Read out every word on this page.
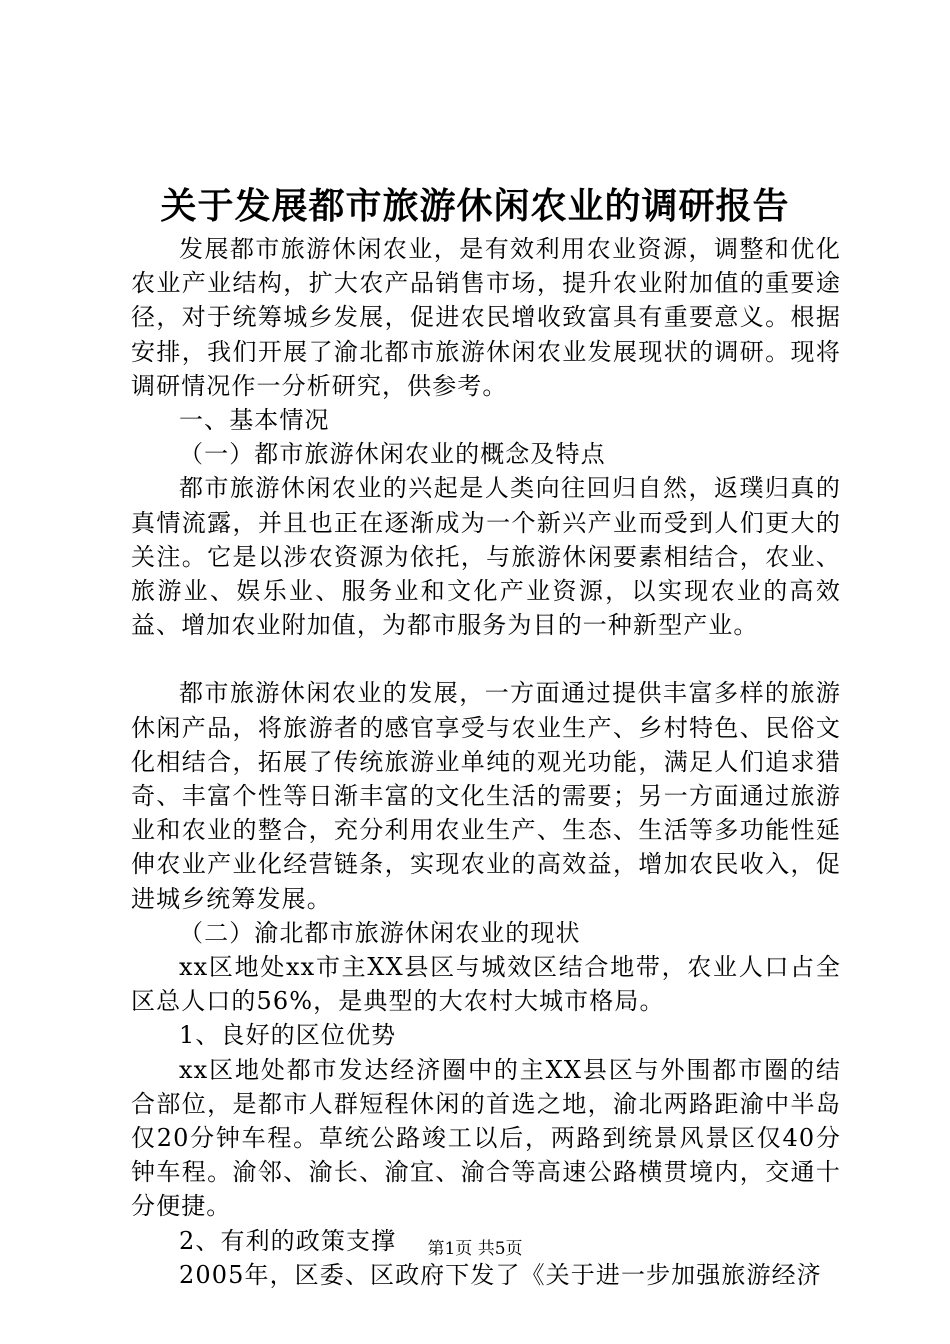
关于发展都市旅游休闲农业的调研报告

发展都市旅游休闲农业，是有效利用农业资源，调整和优化农业产业结构，扩大农产品销售市场，提升农业附加值的重要途径，对于统筹城乡发展，促进农民增收致富具有重要意义。根据安排，我们开展了渝北都市旅游休闲农业发展现状的调研。现将调研情况作一分析研究，供参考。

一、基本情况

（一）都市旅游休闲农业的概念及特点

都市旅游休闲农业的兴起是人类向往回归自然，返璞归真的真情流露，并且也正在逐渐成为一个新兴产业而受到人们更大的关注。它是以涉农资源为依托，与旅游休闲要素相结合，农业、旅游业、娱乐业、服务业和文化产业资源，以实现农业的高效益、增加农业附加值，为都市服务为目的一种新型产业。

都市旅游休闲农业的发展，一方面通过提供丰富多样的旅游休闲产品，将旅游者的感官享受与农业生产、乡村特色、民俗文化相结合，拓展了传统旅游业单纯的观光功能，满足人们追求猎奇、丰富个性等日渐丰富的文化生活的需要；另一方面通过旅游业和农业的整合，充分利用农业生产、生态、生活等多功能性延伸农业产业化经营链条，实现农业的高效益，增加农民收入，促进城乡统筹发展。

（二）渝北都市旅游休闲农业的现状

xx区地处xx市主XX县区与城效区结合地带，农业人口占全区总人口的56%，是典型的大农村大城市格局。

1、良好的区位优势

xx区地处都市发达经济圈中的主XX县区与外围都市圈的结合部位，是都市人群短程休闲的首选之地，渝北两路距渝中半岛仅20分钟车程。草统公路竣工以后，两路到统景风景区仅40分钟车程。渝邻、渝长、渝宜、渝合等高速公路横贯境内，交通十分便捷。

2、有利的政策支撑

2005年，区委、区政府下发了《关于进一步加强旅游经济

第1页 共5页
